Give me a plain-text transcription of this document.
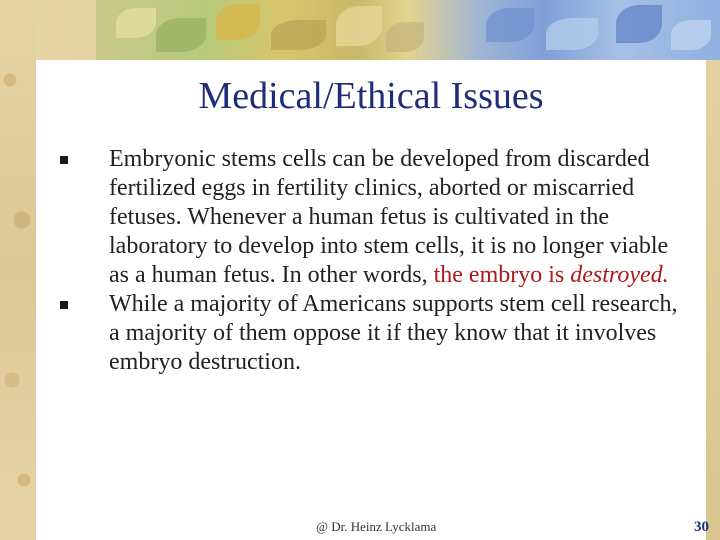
Medical/Ethical Issues
Embryonic stems cells can be developed from discarded fertilized eggs in fertility clinics, aborted or miscarried fetuses. Whenever a human fetus is cultivated in the laboratory to develop into stem cells, it is no longer viable as a human fetus. In other words, the embryo is destroyed.
While a majority of Americans supports stem cell research, a majority of them oppose it if they know that it involves embryo destruction.
@ Dr. Heinz Lycklama	30
